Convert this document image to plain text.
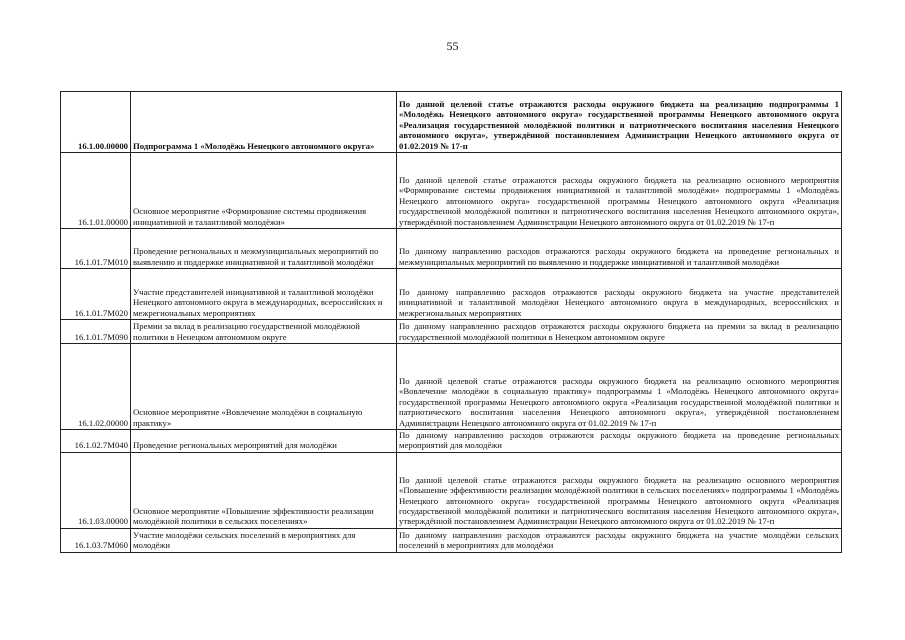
55
16.1.00.00000	Подпрограмма 1 «Молодёжь Ненецкого автономного округа»	По данной целевой статье отражаются расходы окружного бюджета на реализацию подпрограммы 1 «Молодёжь Ненецкого автономного округа» государственной программы Ненецкого автономного округа «Реализация государственной молодёжной политики и патриотического воспитания населения Ненецкого автономного округа», утверждённой постановлением Администрации Ненецкого автономного округа от 01.02.2019 № 17-п
16.1.01.00000	Основное мероприятие «Формирование системы продвижения инициативной и талантливой молодёжи»	По данной целевой статье отражаются расходы окружного бюджета на реализацию основного мероприятия «Формирование системы продвижения инициативной и талантливой молодёжи» подпрограммы 1 «Молодёжь Ненецкого автономного округа» государственной программы Ненецкого автономного округа «Реализация государственной молодёжной политики и патриотического воспитания населения Ненецкого автономного округа», утверждённой постановлением Администрации Ненецкого автономного округа от 01.02.2019 № 17-п
16.1.01.7М010	Проведение региональных и межмуниципальных мероприятий по выявлению и поддержке инициативной и талантливой молодёжи	По данному направлению расходов отражаются расходы окружного бюджета на проведение региональных и межмуниципальных мероприятий по выявлению и поддержке инициативной и талантливой молодёжи
16.1.01.7М020	Участие представителей инициативной и талантливой молодёжи Ненецкого автономного округа в международных, всероссийских и межрегиональных мероприятиях	По данному направлению расходов отражаются расходы окружного бюджета на участие представителей инициативной и талантливой молодёжи Ненецкого автономного округа в международных, всероссийских и межрегиональных мероприятиях
16.1.01.7М090	Премии за вклад в реализацию государственной молодёжной политики в Ненецком автономном округе	По данному направлению расходов отражаются расходы окружного бюджета на премии за вклад в реализацию государственной молодёжной политики в Ненецком автономном округе
16.1.02.00000	Основное мероприятие «Вовлечение молодёжи в социальную практику»	По данной целевой статье отражаются расходы окружного бюджета на реализацию основного мероприятия «Вовлечение молодёжи в социальную практику» подпрограммы 1 «Молодёжь Ненецкого автономного округа» государственной программы Ненецкого автономного округа «Реализация государственной молодёжной политики и патриотического воспитания населения Ненецкого автономного округа», утверждённой постановлением Администрации Ненецкого автономного округа от 01.02.2019 № 17-п
16.1.02.7М040	Проведение региональных мероприятий для молодёжи	По данному направлению расходов отражаются расходы окружного бюджета на проведение региональных мероприятий для молодёжи
16.1.03.00000	Основное мероприятие «Повышение эффективности реализации молодёжной политики в сельских поселениях»	По данной целевой статье отражаются расходы окружного бюджета на реализацию основного мероприятия «Повышение эффективности реализации молодёжной политики в сельских поселениях» подпрограммы 1 «Молодёжь Ненецкого автономного округа» государственной программы Ненецкого автономного округа «Реализация государственной молодёжной политики и патриотического воспитания населения Ненецкого автономного округа», утверждённой постановлением Администрации Ненецкого автономного округа от 01.02.2019 № 17-п
16.1.03.7М060	Участие молодёжи сельских поселений в мероприятиях для молодёжи	По данному направлению расходов отражаются расходы окружного бюджета на участие молодёжи сельских поселений в мероприятиях для молодёжи
